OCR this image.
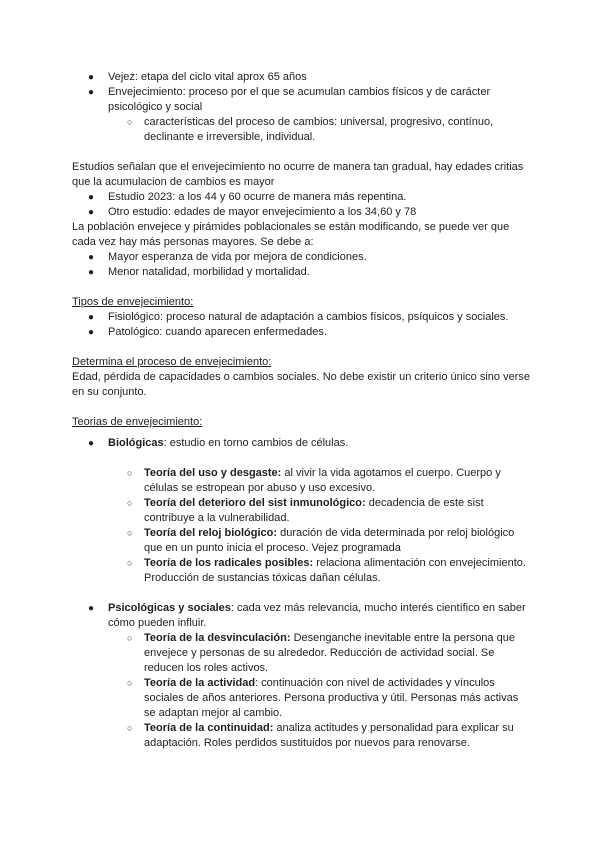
● Vejez: etapa del ciclo vital aprox 65 años
● Envejecimiento: proceso por el que se acumulan cambios físicos y de carácter psicológico y social
○ características del proceso de cambios: universal, progresivo, contínuo, declinante e irreversible, individual.

Estudios señalan que el envejecimiento no ocurre de manera tan gradual, hay edades critias que la acumulacion de cambios es mayor

● Estudio 2023: a los 44 y 60 ocurre de manera más repentina.
● Otro estudio: edades de mayor envejecimiento a los 34,60 y 78

La población envejece y pirámides poblacionales se están modificando, se puede ver que cada vez hay más personas mayores. Se debe a:

● Mayor esperanza de vida por mejora de condiciones.
● Menor natalidad, morbilidad y mortalidad.

Tipos de envejecimiento:

● Fisiológico: proceso natural de adaptación a cambios físicos, psíquicos y sociales.
● Patológico: cuando aparecen enfermedades.

Determina el proceso de envejecimiento:

Edad, pérdida de capacidades o cambios sociales. No debe existir un criterio único sino verse en su conjunto.

Teorias de envejecimiento:

● Biológicas: estudio en torno cambios de células.
○ Teoría del uso y desgaste: al vivir la vida agotamos el cuerpo. Cuerpo y células se estropean por abuso y uso excesivo.
○ Teoría del deterioro del sist inmunológico: decadencia de este sist contribuye a la vulnerabilidad.
○ Teoría del reloj biológico: duración de vida determinada por reloj biológico que en un punto inicia el proceso. Vejez programada
○ Teoría de los radicales posibles: relaciona alimentación con envejecimiento. Producción de sustancias tóxicas dañan células.
● Psicológicas y sociales: cada vez más relevancia, mucho interés científico en saber cómo pueden influir.
○ Teoría de la desvinculación: Desenganche inevitable entre la persona que envejece y personas de su alrededor. Reducción de actividad social. Se reducen los roles activos.
○ Teoría de la actividad: continuación con nivel de actividades y vínculos sociales de años anteriores. Persona productiva y útil. Personas más activas se adaptan mejor al cambio.
○ Teoría de la continuidad: analiza actitudes y personalidad para explicar su adaptación. Roles perdidos sustituidos por nuevos para renovarse.
